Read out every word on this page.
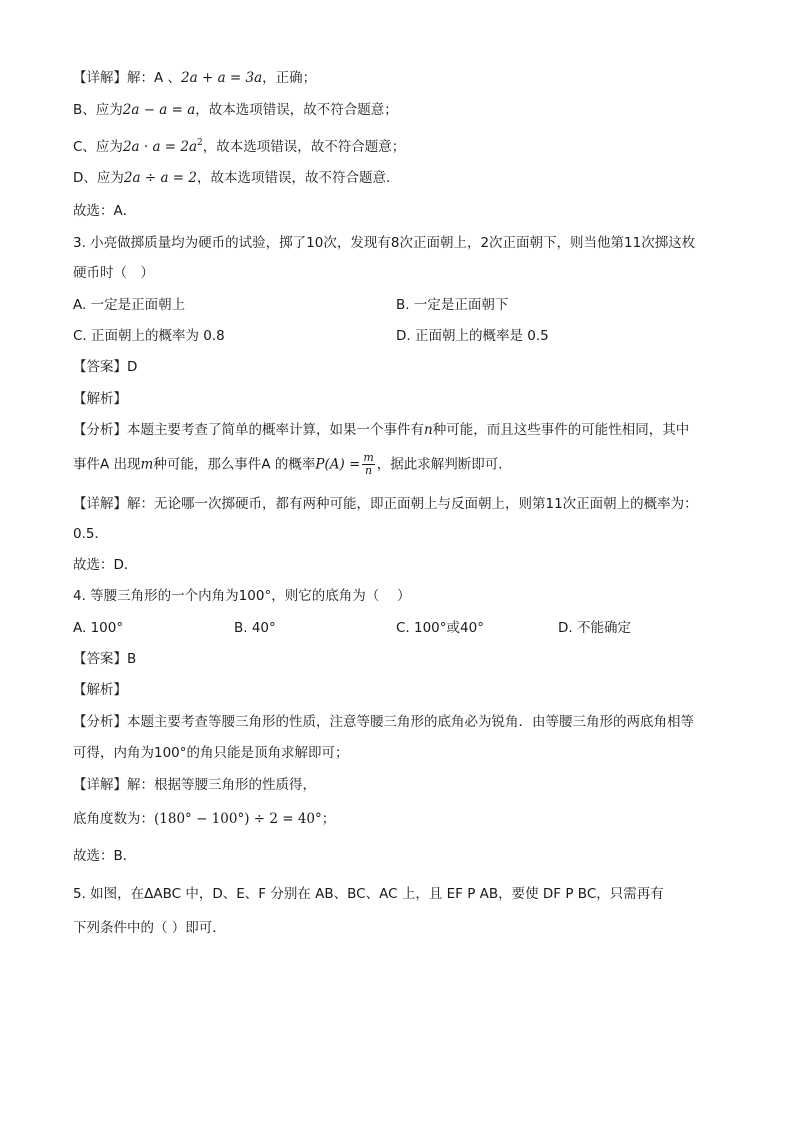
【详解】解：A 、2a + a = 3a，正确；
B、应为2a − a = a，故本选项错误，故不符合题意；
C、应为$2a \cdot a = 2a^2$，故本选项错误，故不符合题意；
D、应为2a ÷ a = 2，故本选项错误，故不符合题意．
故选：A．
3. 小亮做掷质量均为硬币的试验，掷了10次，发现有8次正面朝上，2次正面朝下，则当他第11次掷这枚
硬币时（　）
A. 一定是正面朝上	B. 一定是正面朝下
C. 正面朝上的概率为 0.8	D. 正面朝上的概率是 0.5
【答案】D
【解析】
【分析】本题主要考查了简单的概率计算，如果一个事件有n种可能，而且这些事件的可能性相同，其中
事件A 出现m种可能，那么事件A 的概率$P(A) = \frac{m}{n}$ ，据此求解判断即可．
【详解】解：无论哪一次掷硬币，都有两种可能，即正面朝上与反面朝上，则第11次正面朝上的概率为：
0.5．
故选：D．
4. 等腰三角形的一个内角为100°，则它的底角为（　 ）
A. 100°	B. 40°	C. 100°或40°	D. 不能确定
【答案】B
【解析】
【分析】本题主要考查等腰三角形的性质，注意等腰三角形的底角必为锐角．由等腰三角形的两底角相等
可得，内角为100°的角只能是顶角求解即可；
【详解】解：根据等腰三角形的性质得，
底角度数为：(180° − 100°) ÷ 2 = 40°；
故选：B．
5. 如图，在ΔABC 中，D、E、F 分别在 AB、BC、AC 上，且 EF P AB，要使 DF P BC，只需再有
下列条件中的（ ）即可．
